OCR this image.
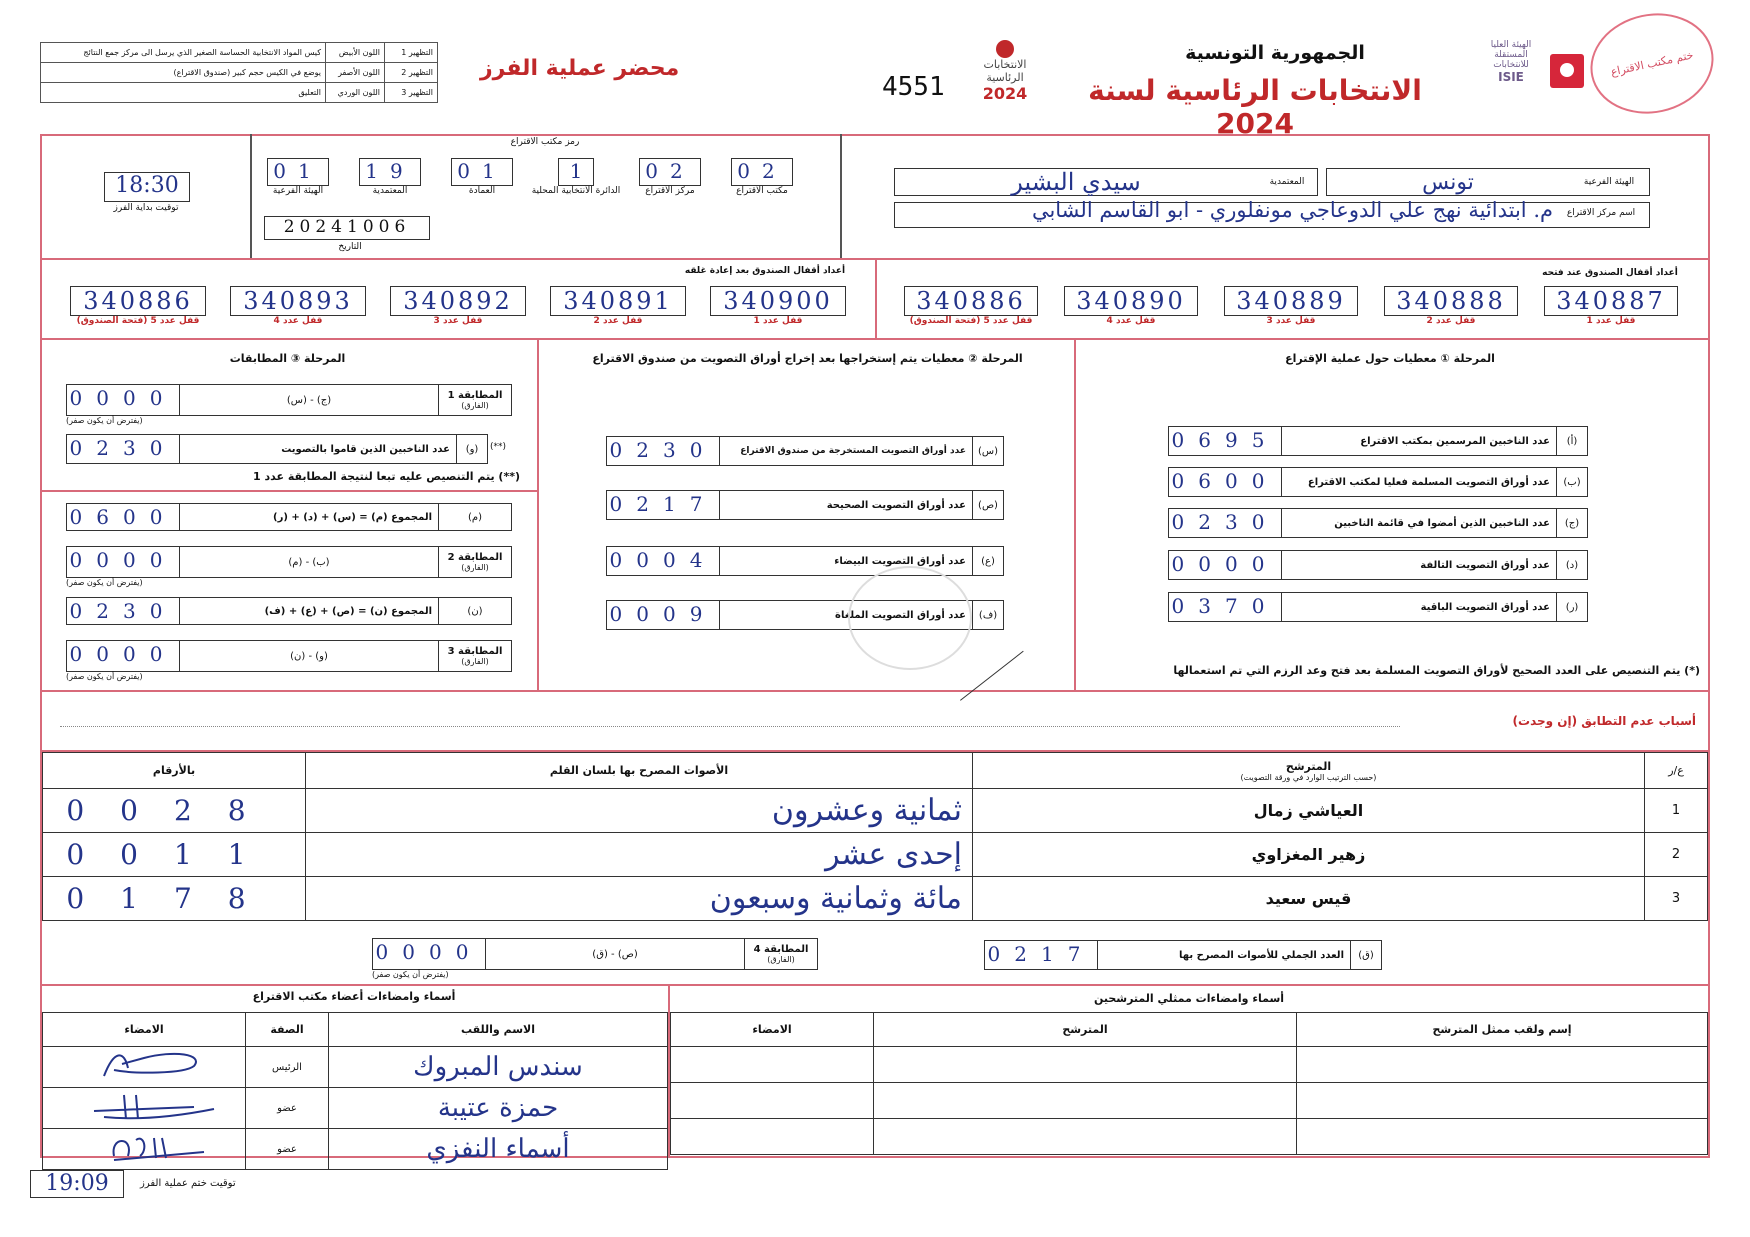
كيس المواد الانتخابية الحساسة الصغير الذي يرسل الى مركز جمع النتائج	اللون الأبيض	التظهير 1
يوضع في الكيس حجم كبير (صندوق الاقتراع)	اللون الأصفر	التظهير 2
التعليق	اللون الوردي	التظهير 3
محضر عملية الفرز
4551
الانتخابات الرئاسية
2024
الجمهورية التونسية
الانتخابات الرئاسية لسنة 2024
الهيئة العليا المستقلة للانتخابات
ISIE	ختم مكتب الاقتراع
رمز مكتب الاقتراع
01
الهيئة الفرعية
19
المعتمدية
01
العمادة
1
الدائرة الانتخابية المحلية
02
مركز الاقتراع
02
مكتب الاقتراع
20241006
التاريخ
18:30
توقيت بداية الفرز
الهيئة الفرعية
تونس
المعتمدية
سيدي البشير
اسم مركز الاقتراع
م. ابتدائية نهج علي الدوعاجي مونفلوري - ابو القاسم الشابي
أعداد أقفال الصندوق بعد إعادة غلقه	أعداد أقفال الصندوق عند فتحه
340886
قفل عدد 5 (فتحة الصندوق)
340893
قفل عدد 4
340892
قفل عدد 3
340891
قفل عدد 2
340900
قفل عدد 1
340886
قفل عدد 5 (فتحة الصندوق)
340890
قفل عدد 4
340889
قفل عدد 3
340888
قفل عدد 2
340887
قفل عدد 1
المرحلة ① معطيات حول عملية الإقتراع
المرحلة ② معطيات يتم إستخراجها بعد إخراج أوراق التصويت من صندوق الاقتراع
المرحلة ③ المطابقات
(أ)
عدد الناخبين المرسمين بمكتب الاقتراع
0695
(ب)
عدد أوراق التصويت المسلمة فعليا لمكتب الاقتراع
0600
(ج)
عدد الناخبين الذين أمضوا في قائمة الناخبين
0230
(د)
عدد أوراق التصويت التالفة
0000
(ر)
عدد أوراق التصويت الباقية
0370
(*) يتم التنصيص على العدد الصحيح لأوراق التصويت المسلمة بعد فتح وعد الرزم التي تم استعمالها
(س)
عدد أوراق التصويت المستخرجة من صندوق الاقتراع
0230
(ص)
عدد أوراق التصويت الصحيحة
0217
(ع)
عدد أوراق التصويت البيضاء
0004
(ف)
عدد أوراق التصويت الملغاة
0009
المطابقة 1
(الفارق)
(ج) - (س)
0000
(يفترض أن يكون صفر)
(و)
عدد الناخبين الذين قاموا بالتصويت
0230	(**)
(**) يتم التنصيص عليه تبعا لنتيجة المطابقة عدد 1
(م)
المجموع (م) = (س) + (د) + (ر)
0600
المطابقة 2
(الفارق)
(ب) - (م)
0000
(يفترض أن يكون صفر)
(ن)
المجموع (ن) = (ص) + (ع) + (ف)
0230
المطابقة 3
(الفارق)
(و) - (ن)
0000
(يفترض أن يكون صفر)
أسباب عدم التطابق (إن وجدت)
بالأرقام	الأصوات المصرح بها بلسان القلم	المترشح
(حسب الترتيب الوارد في ورقة التصويت)	ع/ر
0028	ثمانية وعشرون	العياشي زمال	1
0011	إحدى عشر	زهير المغزاوي	2
0178	مائة وثمانية وسبعون	قيس سعيد	3
(ق)
العدد الجملي للأصوات المصرح بها
0217
المطابقة 4
(الفارق)
(ص) - (ق)
0000
(يفترض أن يكون صفر)
أسماء وامضاءات أعضاء مكتب الاقتراع	أسماء وامضاءات ممثلي المترشحين
الامضاء	المترشح	إسم ولقب ممثل المترشح

الامضاء	الصفة	الاسم واللقب
	الرئيس	سندس المبروك
	عضو	حمزة عتيبة
	عضو	أسماء النفزي
19:09	توقيت ختم عملية الفرز
